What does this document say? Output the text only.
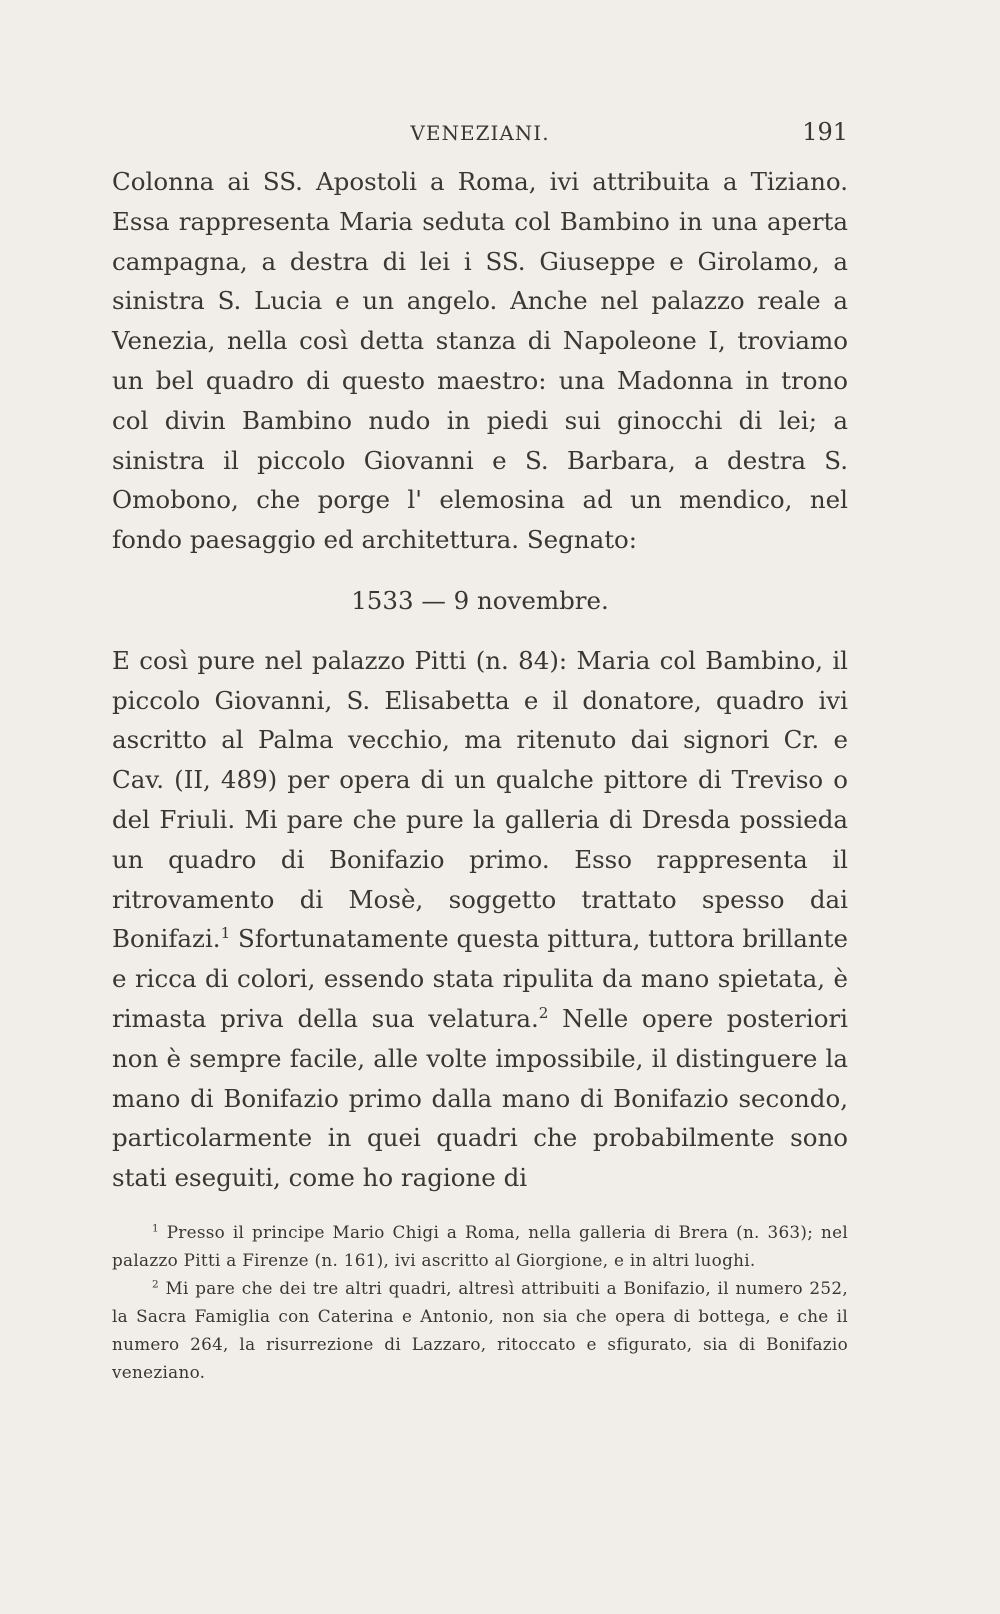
VENEZIANI.	191

Colonna ai SS. Apostoli a Roma, ivi attribuita a Tiziano. Essa rappresenta Maria seduta col Bambino in una aperta campagna, a destra di lei i SS. Giuseppe e Girolamo, a sinistra S. Lucia e un angelo. Anche nel palazzo reale a Venezia, nella così detta stanza di Napoleone I, troviamo un bel quadro di questo maestro: una Madonna in trono col divin Bambino nudo in piedi sui ginocchi di lei; a sinistra il piccolo Giovanni e S. Barbara, a destra S. Omobono, che porge l' elemosina ad un mendico, nel fondo paesaggio ed architettura. Segnato:

1533 — 9 novembre.

E così pure nel palazzo Pitti (n. 84): Maria col Bambino, il piccolo Giovanni, S. Elisabetta e il donatore, quadro ivi ascritto al Palma vecchio, ma ritenuto dai signori Cr. e Cav. (II, 489) per opera di un qualche pittore di Treviso o del Friuli. Mi pare che pure la galleria di Dresda possieda un quadro di Bonifazio primo. Esso rappresenta il ritrovamento di Mosè, soggetto trattato spesso dai Bonifazi.$^1$ Sfortunatamente questa pittura, tuttora brillante e ricca di colori, essendo stata ripulita da mano spietata, è rimasta priva della sua velatura.$^2$ Nelle opere posteriori non è sempre facile, alle volte impossibile, il distinguere la mano di Bonifazio primo dalla mano di Bonifazio secondo, particolarmente in quei quadri che probabilmente sono stati eseguiti, come ho ragione di

$^1$ Presso il principe Mario Chigi a Roma, nella galleria di Brera (n. 363); nel palazzo Pitti a Firenze (n. 161), ivi ascritto al Giorgione, e in altri luoghi.

$^2$ Mi pare che dei tre altri quadri, altresì attribuiti a Bonifazio, il numero 252, la Sacra Famiglia con Caterina e Antonio, non sia che opera di bottega, e che il numero 264, la risurrezione di Lazzaro, ritoccato e sfigurato, sia di Bonifazio veneziano.
